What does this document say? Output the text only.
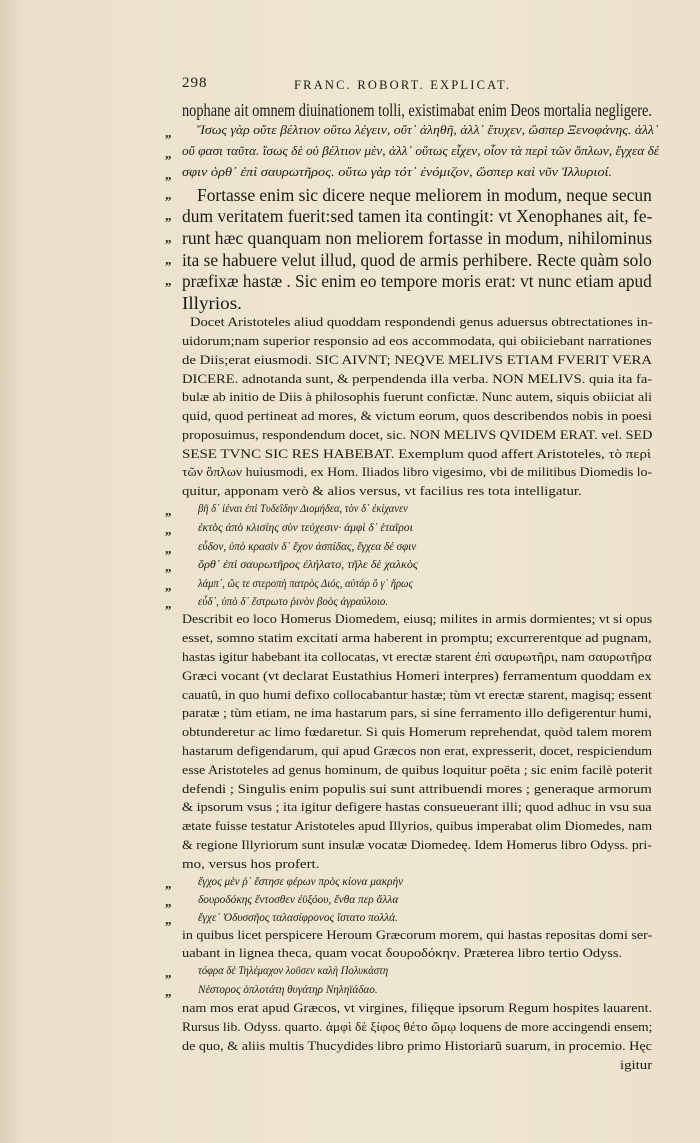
298	FRANC. ROBORT. EXPLICAT.
nophane ait omnem diuinationem tolli, existimabat enim Deos mortalia negligere.
Ἴσως γὰρ οὔτε βέλτιον οὕτω λέγειν, οὔτ᾽ ἀληθῆ, ἀλλ᾽ ἔτυχεν, ὥσπερ Ξενοφάνης. ἀλλ᾽
„
οὔ φασι ταῦτα. ἴσως δὲ οὐ βέλτιον μὲν, ἀλλ᾽ οὕτως εἶχεν, οἷον τὰ περὶ τῶν ὅπλων, ἔγχεα δέ
„
σφιν ὀρθ᾽ ἐπὶ σαυρωτῆρος. οὕτω γὰρ τότ᾽ ἐνόμιζον, ὥσπερ καὶ νῦν Ἰλλυριοί.
„
Fortasse enim sic dicere neque meliorem in modum, neque secun
„
dum veritatem fuerit:sed tamen ita contingit: vt Xenophanes ait, fe-
„
runt hæc quanquam non meliorem fortasse in modum, nihilominus
„
ita se habuere velut illud, quod de armis perhibere. Recte quàm solo
„
præfixæ hastæ . Sic enim eo tempore moris erat: vt nunc etiam apud
„
Illyrios.
Docet Aristoteles aliud quoddam respondendi genus aduersus obtrectationes in-
uidorum;nam superior responsio ad eos accommodata, qui obiiciebant narrationes
de Diis;erat eiusmodi. SIC AIVNT; NEQVE MELIVS ETIAM FVERIT VERA
DICERE. adnotanda sunt, & perpendenda illa verba. NON MELIVS. quia ita fa-
bulæ ab initio de Diis à philosophis fuerunt confictæ. Nunc autem, siquis obiiciat ali
quid, quod pertineat ad mores, & victum eorum, quos describendos nobis in poesi
proposuimus, respondendum docet, sic. NON MELIVS QVIDEM ERAT. vel. SED
SESE TVNC SIC RES HABEBAT. Exemplum quod affert Aristoteles, τὸ περὶ
τῶν ὅπλων huiusmodi, ex Hom. Iliados libro vigesimo, vbi de militibus Diomedis lo-
quitur, apponam verò & alios versus, vt facilius res tota intelligatur.
βῆ δ᾽ ἰέναι ἐπὶ Τυδεΐδην Διομήδεα, τὸν δ᾽ ἐκίχανεν
„
ἐκτὸς ἀπὸ κλισίης σὺν τεύχεσιν· ἀμφὶ δ᾽ ἑταῖροι
„
εὗδον, ὑπὸ κρασὶν δ᾽ ἔχον ἀσπίδας, ἔγχεα δέ σφιν
„
ὄρθ᾽ ἐπὶ σαυρωτῆρος ἐλήλατο, τῆλε δὲ χαλκὸς
„
λάμπ᾽, ὥς τε στεροπὴ πατρὸς Διός, αὐτὰρ ὅ γ᾽ ἥρως
„
εὗδ᾽, ὑπὸ δ᾽ ἔστρωτο ῥινὸν βοὸς ἀγραύλοιο.
„
Describit eo loco Homerus Diomedem, eiusq; milites in armis dormientes; vt si opus
esset, somno statim excitati arma haberent in promptu; excurrerentque ad pugnam,
hastas igitur habebant ita collocatas, vt erectæ starent ἐπὶ σαυρωτῆρι, nam σαυρωτῆρα
Græci vocant (vt declarat Eustathius Homeri interpres) ferramentum quoddam ex
cauatû, in quo humi defixo collocabantur hastæ; tùm vt erectæ starent, magisq; essent
paratæ ; tùm etiam, ne ima hastarum pars, si sine ferramento illo defigerentur humi,
obtunderetur ac limo fœdaretur. Si quis Homerum reprehendat, quòd talem morem
hastarum defigendarum, qui apud Græcos non erat, expresserit, docet, respiciendum
esse Aristoteles ad genus hominum, de quibus loquitur poëta ; sic enim facilè poterit
defendi ; Singulis enim populis sui sunt attribuendi mores ; generaque armorum
& ipsorum vsus ; ita igitur defigere hastas consueuerant illi; quod adhuc in vsu sua
ætate fuisse testatur Aristoteles apud Illyrios, quibus imperabat olim Diomedes, nam
& regione Illyriorum sunt insulæ vocatæ Diomedeę. Idem Homerus libro Odyss. pri-
mo, versus hos profert.
ἔγχος μὲν ῥ᾽ ἔστησε φέρων πρὸς κίονα μακρὴν
„
δουροδόκης ἔντοσθεν ἐϋξόου, ἔνθα περ ἄλλα
„
ἔγχε᾽ Ὀδυσσῆος ταλασίφρονος ἵστατο πολλά.
„
in quibus licet perspicere Heroum Græcorum morem, qui hastas repositas domi ser-
uabant in lignea theca, quam vocat δουροδόκην. Præterea libro tertio Odyss.
τόφρα δὲ Τηλέμαχον λοῦσεν καλὴ Πολυκάστη
„
Νέστορος ὁπλοτάτη θυγάτηρ Νηληϊάδαο.
„
nam mos erat apud Græcos, vt virgines, filięque ipsorum Regum hospites lauarent.
Rursus lib. Odyss. quarto. ἀμφὶ δὲ ξίφος θέτο ὤμῳ loquens de more accingendi ensem;
de quo, & aliis multis Thucydides libro primo Historiarũ suarum, in procemio. Hęc
igitur
